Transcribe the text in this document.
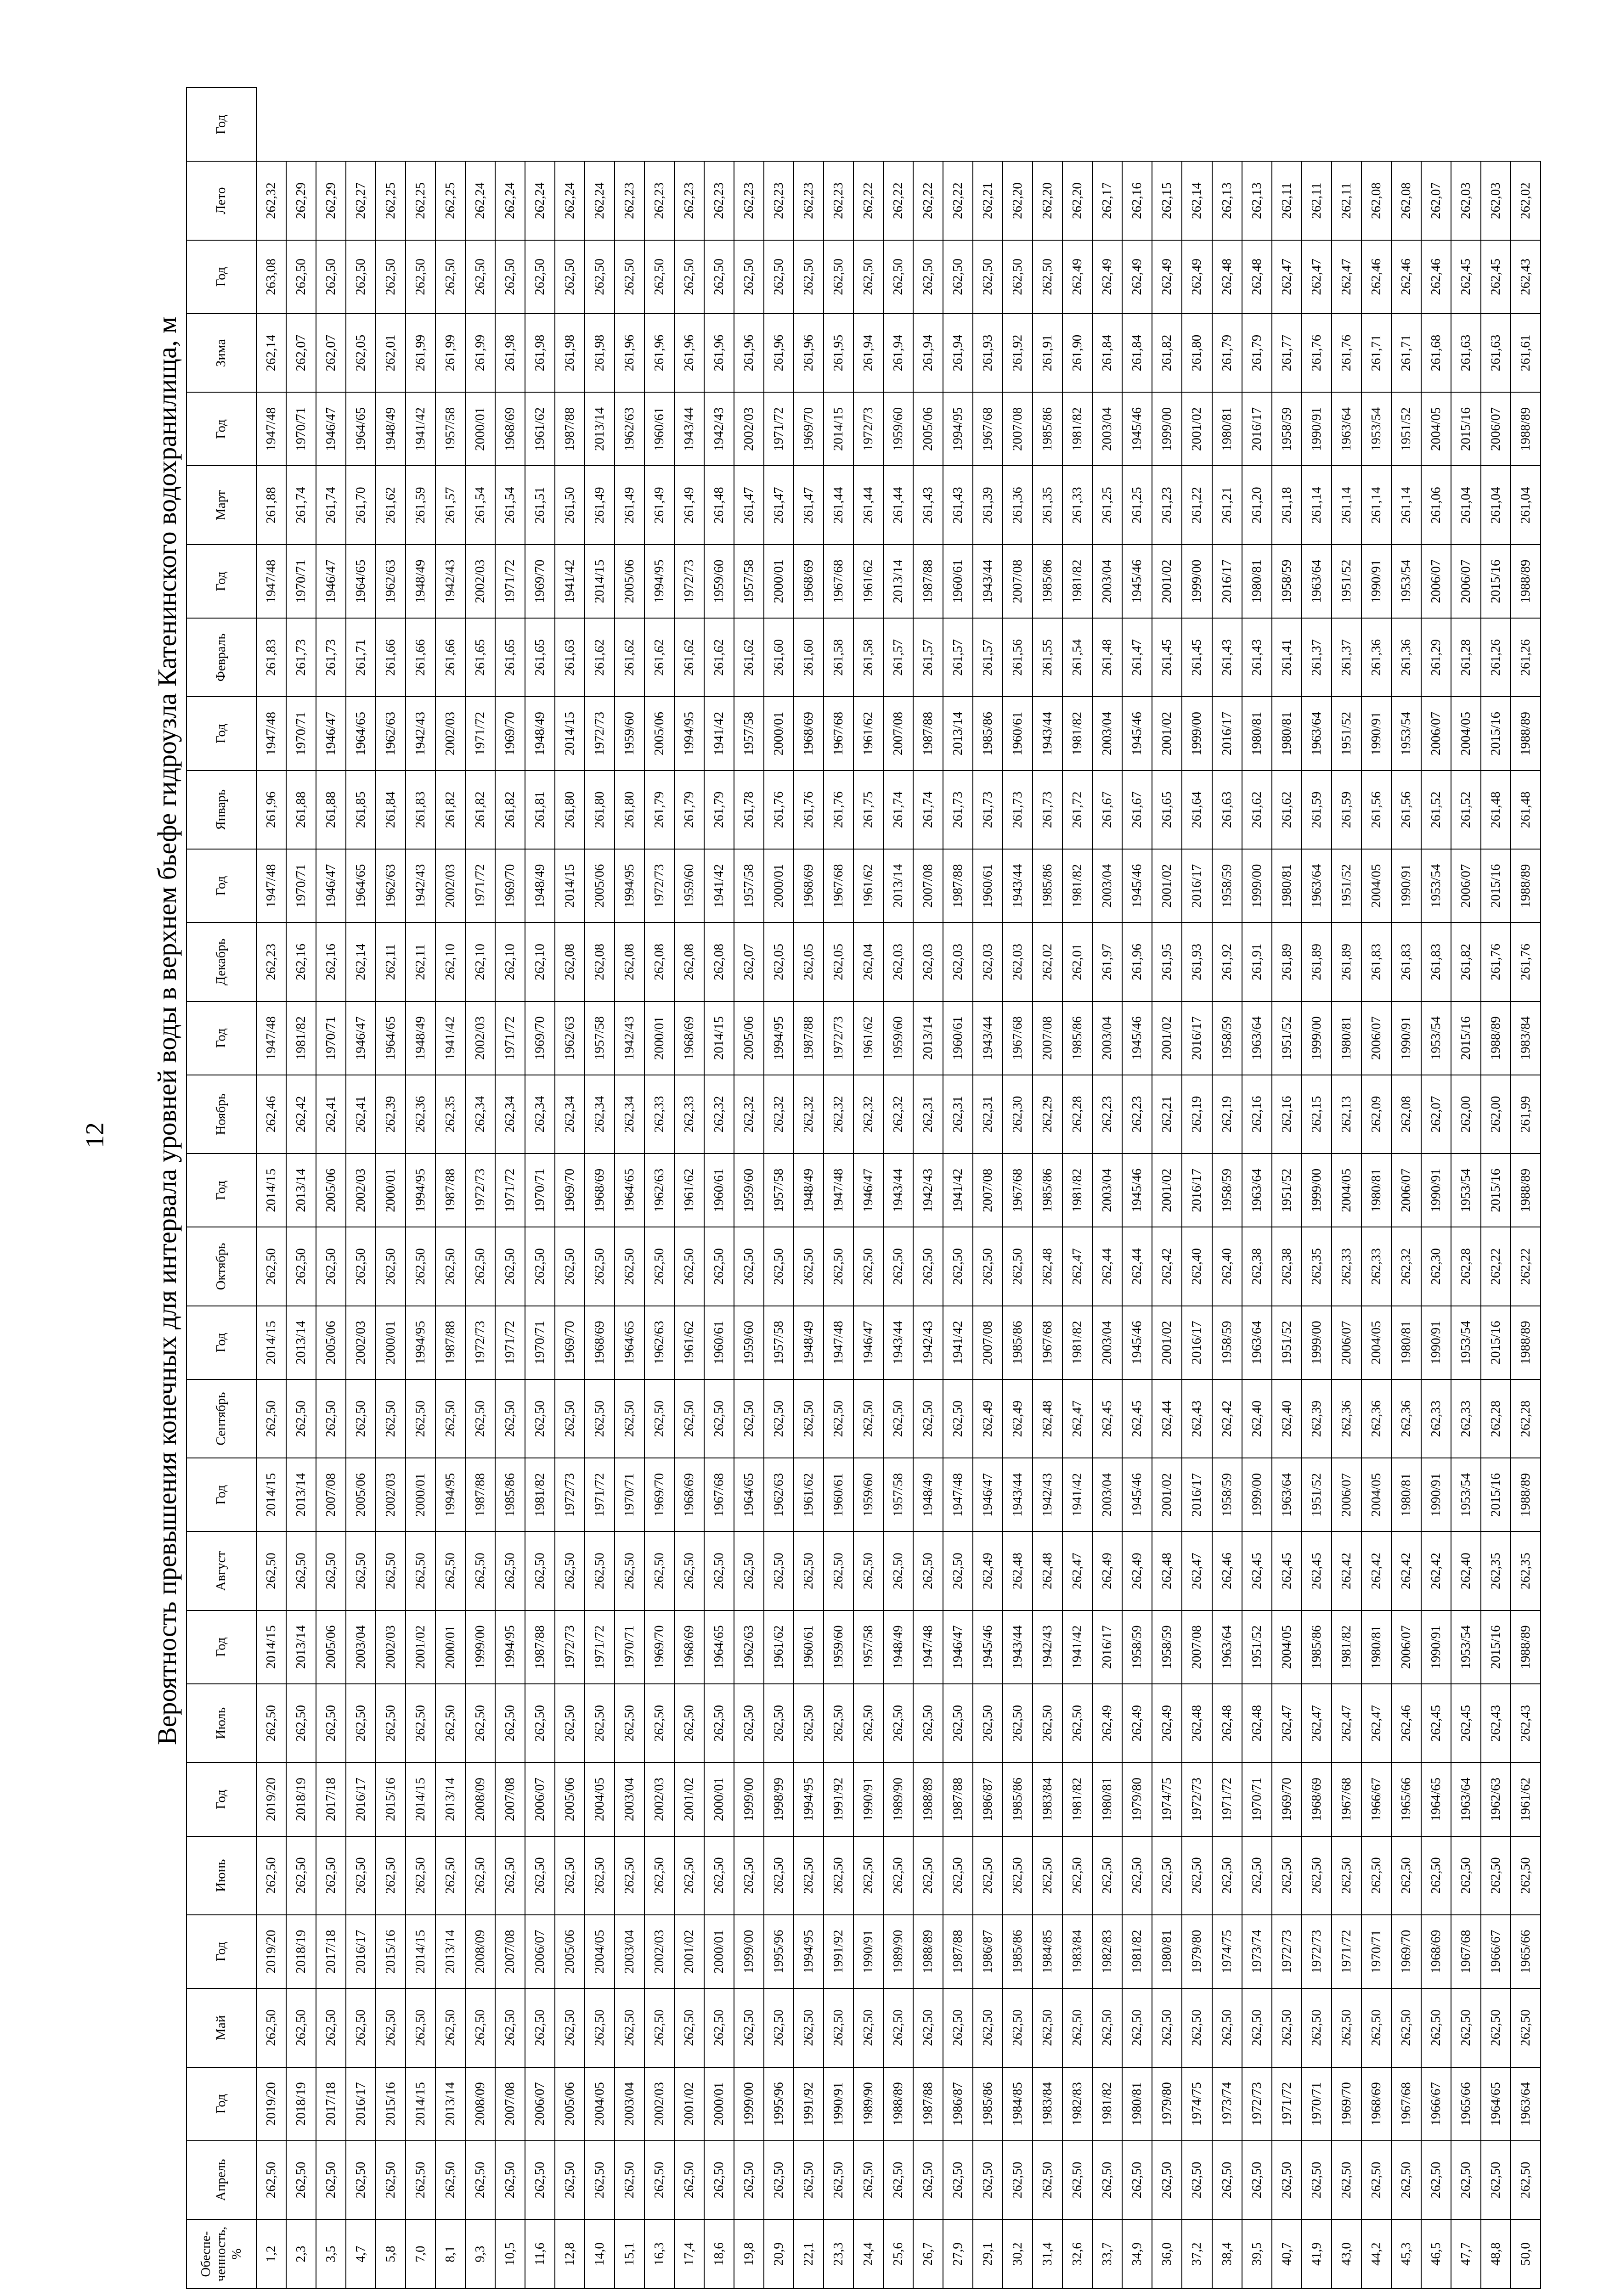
12 Вероятность превышения конечных для интервала уровней воды в верхнем бьефе гидроузла Катенинского водохранилища, м
Обеспе-ченность, %	Апрель	Год	Май	Год	Июнь	Год	Июль	Год	Август	Год	Сентябрь	Год	Октябрь	Год	Ноябрь	Год	Декабрь	Год	Январь	Год	Февраль	Год	Март	Год	Зима	Год	Лето	Год
1,2	262,50	2019/20	262,50	2019/20	262,50	2019/20	262,50	2014/15	262,50	2014/15	262,50	2014/15	262,50	2014/15	262,46	1947/48	262,23	1947/48	261,96	1947/48	261,83	1947/48	261,88	1947/48	262,14	263,08	262,32	
2,3	262,50	2018/19	262,50	2018/19	262,50	2018/19	262,50	2013/14	262,50	2013/14	262,50	2013/14	262,50	2013/14	262,42	1981/82	262,16	1970/71	261,88	1970/71	261,73	1970/71	261,74	1970/71	262,07	262,50	262,29	
3,5	262,50	2017/18	262,50	2017/18	262,50	2017/18	262,50	2005/06	262,50	2007/08	262,50	2005/06	262,50	2005/06	262,41	1970/71	262,16	1946/47	261,88	1946/47	261,73	1946/47	261,74	1946/47	262,07	262,50	262,29	
4,7	262,50	2016/17	262,50	2016/17	262,50	2016/17	262,50	2003/04	262,50	2005/06	262,50	2002/03	262,50	2002/03	262,41	1946/47	262,14	1964/65	261,85	1964/65	261,71	1964/65	261,70	1964/65	262,05	262,50	262,27	
5,8	262,50	2015/16	262,50	2015/16	262,50	2015/16	262,50	2002/03	262,50	2002/03	262,50	2000/01	262,50	2000/01	262,39	1964/65	262,11	1962/63	261,84	1962/63	261,66	1962/63	261,62	1948/49	262,01	262,50	262,25	
7,0	262,50	2014/15	262,50	2014/15	262,50	2014/15	262,50	2001/02	262,50	2000/01	262,50	1994/95	262,50	1994/95	262,36	1948/49	262,11	1942/43	261,83	1942/43	261,66	1948/49	261,59	1941/42	261,99	262,50	262,25	
8,1	262,50	2013/14	262,50	2013/14	262,50	2013/14	262,50	2000/01	262,50	1994/95	262,50	1987/88	262,50	1987/88	262,35	1941/42	262,10	2002/03	261,82	2002/03	261,66	1942/43	261,57	1957/58	261,99	262,50	262,25	
9,3	262,50	2008/09	262,50	2008/09	262,50	2008/09	262,50	1999/00	262,50	1987/88	262,50	1972/73	262,50	1972/73	262,34	2002/03	262,10	1971/72	261,82	1971/72	261,65	2002/03	261,54	2000/01	261,99	262,50	262,24	
10,5	262,50	2007/08	262,50	2007/08	262,50	2007/08	262,50	1994/95	262,50	1985/86	262,50	1971/72	262,50	1971/72	262,34	1971/72	262,10	1969/70	261,82	1969/70	261,65	1971/72	261,54	1968/69	261,98	262,50	262,24	
11,6	262,50	2006/07	262,50	2006/07	262,50	2006/07	262,50	1987/88	262,50	1981/82	262,50	1970/71	262,50	1970/71	262,34	1969/70	262,10	1948/49	261,81	1948/49	261,65	1969/70	261,51	1961/62	261,98	262,50	262,24	
12,8	262,50	2005/06	262,50	2005/06	262,50	2005/06	262,50	1972/73	262,50	1972/73	262,50	1969/70	262,50	1969/70	262,34	1962/63	262,08	2014/15	261,80	2014/15	261,63	1941/42	261,50	1987/88	261,98	262,50	262,24	
14,0	262,50	2004/05	262,50	2004/05	262,50	2004/05	262,50	1971/72	262,50	1971/72	262,50	1968/69	262,50	1968/69	262,34	1957/58	262,08	2005/06	261,80	1972/73	261,62	2014/15	261,49	2013/14	261,98	262,50	262,24	
15,1	262,50	2003/04	262,50	2003/04	262,50	2003/04	262,50	1970/71	262,50	1970/71	262,50	1964/65	262,50	1964/65	262,34	1942/43	262,08	1994/95	261,80	1959/60	261,62	2005/06	261,49	1962/63	261,96	262,50	262,23	
16,3	262,50	2002/03	262,50	2002/03	262,50	2002/03	262,50	1969/70	262,50	1969/70	262,50	1962/63	262,50	1962/63	262,33	2000/01	262,08	1972/73	261,79	2005/06	261,62	1994/95	261,49	1960/61	261,96	262,50	262,23	
17,4	262,50	2001/02	262,50	2001/02	262,50	2001/02	262,50	1968/69	262,50	1968/69	262,50	1961/62	262,50	1961/62	262,33	1968/69	262,08	1959/60	261,79	1994/95	261,62	1972/73	261,49	1943/44	261,96	262,50	262,23	
18,6	262,50	2000/01	262,50	2000/01	262,50	2000/01	262,50	1964/65	262,50	1967/68	262,50	1960/61	262,50	1960/61	262,32	2014/15	262,08	1941/42	261,79	1941/42	261,62	1959/60	261,48	1942/43	261,96	262,50	262,23	
19,8	262,50	1999/00	262,50	1999/00	262,50	1999/00	262,50	1962/63	262,50	1964/65	262,50	1959/60	262,50	1959/60	262,32	2005/06	262,07	1957/58	261,78	1957/58	261,62	1957/58	261,47	2002/03	261,96	262,50	262,23	
20,9	262,50	1995/96	262,50	1995/96	262,50	1998/99	262,50	1961/62	262,50	1962/63	262,50	1957/58	262,50	1957/58	262,32	1994/95	262,05	2000/01	261,76	2000/01	261,60	2000/01	261,47	1971/72	261,96	262,50	262,23	
22,1	262,50	1991/92	262,50	1994/95	262,50	1994/95	262,50	1960/61	262,50	1961/62	262,50	1948/49	262,50	1948/49	262,32	1987/88	262,05	1968/69	261,76	1968/69	261,60	1968/69	261,47	1969/70	261,96	262,50	262,23	
23,3	262,50	1990/91	262,50	1991/92	262,50	1991/92	262,50	1959/60	262,50	1960/61	262,50	1947/48	262,50	1947/48	262,32	1972/73	262,05	1967/68	261,76	1967/68	261,58	1967/68	261,44	2014/15	261,95	262,50	262,23	
24,4	262,50	1989/90	262,50	1990/91	262,50	1990/91	262,50	1957/58	262,50	1959/60	262,50	1946/47	262,50	1946/47	262,32	1961/62	262,04	1961/62	261,75	1961/62	261,58	1961/62	261,44	1972/73	261,94	262,50	262,22	
25,6	262,50	1988/89	262,50	1989/90	262,50	1989/90	262,50	1948/49	262,50	1957/58	262,50	1943/44	262,50	1943/44	262,32	1959/60	262,03	2013/14	261,74	2007/08	261,57	2013/14	261,44	1959/60	261,94	262,50	262,22	
26,7	262,50	1987/88	262,50	1988/89	262,50	1988/89	262,50	1947/48	262,50	1948/49	262,50	1942/43	262,50	1942/43	262,31	2013/14	262,03	2007/08	261,74	1987/88	261,57	1987/88	261,43	2005/06	261,94	262,50	262,22	
27,9	262,50	1986/87	262,50	1987/88	262,50	1987/88	262,50	1946/47	262,50	1947/48	262,50	1941/42	262,50	1941/42	262,31	1960/61	262,03	1987/88	261,73	2013/14	261,57	1960/61	261,43	1994/95	261,94	262,50	262,22	
29,1	262,50	1985/86	262,50	1986/87	262,50	1986/87	262,50	1945/46	262,49	1946/47	262,49	2007/08	262,50	2007/08	262,31	1943/44	262,03	1960/61	261,73	1985/86	261,57	1943/44	261,39	1967/68	261,93	262,50	262,21	
30,2	262,50	1984/85	262,50	1985/86	262,50	1985/86	262,50	1943/44	262,48	1943/44	262,49	1985/86	262,50	1967/68	262,30	1967/68	262,03	1943/44	261,73	1960/61	261,56	2007/08	261,36	2007/08	261,92	262,50	262,20	
31,4	262,50	1983/84	262,50	1984/85	262,50	1983/84	262,50	1942/43	262,48	1942/43	262,48	1967/68	262,48	1985/86	262,29	2007/08	262,02	1985/86	261,73	1943/44	261,55	1985/86	261,35	1985/86	261,91	262,50	262,20	
32,6	262,50	1982/83	262,50	1983/84	262,50	1981/82	262,50	1941/42	262,47	1941/42	262,47	1981/82	262,47	1981/82	262,28	1985/86	262,01	1981/82	261,72	1981/82	261,54	1981/82	261,33	1981/82	261,90	262,49	262,20	
33,7	262,50	1981/82	262,50	1982/83	262,50	1980/81	262,49	2016/17	262,49	2003/04	262,45	2003/04	262,44	2003/04	262,23	2003/04	261,97	2003/04	261,67	2003/04	261,48	2003/04	261,25	2003/04	261,84	262,49	262,17	
34,9	262,50	1980/81	262,50	1981/82	262,50	1979/80	262,49	1958/59	262,49	1945/46	262,45	1945/46	262,44	1945/46	262,23	1945/46	261,96	1945/46	261,67	1945/46	261,47	1945/46	261,25	1945/46	261,84	262,49	262,16	
36,0	262,50	1979/80	262,50	1980/81	262,50	1974/75	262,49	1958/59	262,48	2001/02	262,44	2001/02	262,42	2001/02	262,21	2001/02	261,95	2001/02	261,65	2001/02	261,45	2001/02	261,23	1999/00	261,82	262,49	262,15	
37,2	262,50	1974/75	262,50	1979/80	262,50	1972/73	262,48	2007/08	262,47	2016/17	262,43	2016/17	262,40	2016/17	262,19	2016/17	261,93	2016/17	261,64	1999/00	261,45	1999/00	261,22	2001/02	261,80	262,49	262,14	
38,4	262,50	1973/74	262,50	1974/75	262,50	1971/72	262,48	1963/64	262,46	1958/59	262,42	1958/59	262,40	1958/59	262,19	1958/59	261,92	1958/59	261,63	2016/17	261,43	2016/17	261,21	1980/81	261,79	262,48	262,13	
39,5	262,50	1972/73	262,50	1973/74	262,50	1970/71	262,48	1951/52	262,45	1999/00	262,40	1963/64	262,38	1963/64	262,16	1963/64	261,91	1999/00	261,62	1980/81	261,43	1980/81	261,20	2016/17	261,79	262,48	262,13	
40,7	262,50	1971/72	262,50	1972/73	262,50	1969/70	262,47	2004/05	262,45	1963/64	262,40	1951/52	262,38	1951/52	262,16	1951/52	261,89	1980/81	261,62	1980/81	261,41	1958/59	261,18	1958/59	261,77	262,47	262,11	
41,9	262,50	1970/71	262,50	1972/73	262,50	1968/69	262,47	1985/86	262,45	1951/52	262,39	1999/00	262,35	1999/00	262,15	1999/00	261,89	1963/64	261,59	1963/64	261,37	1963/64	261,14	1990/91	261,76	262,47	262,11	
43,0	262,50	1969/70	262,50	1971/72	262,50	1967/68	262,47	1981/82	262,42	2006/07	262,36	2006/07	262,33	2004/05	262,13	1980/81	261,89	1951/52	261,59	1951/52	261,37	1951/52	261,14	1963/64	261,76	262,47	262,11	
44,2	262,50	1968/69	262,50	1970/71	262,50	1966/67	262,47	1980/81	262,42	2004/05	262,36	2004/05	262,33	1980/81	262,09	2006/07	261,83	2004/05	261,56	1990/91	261,36	1990/91	261,14	1953/54	261,71	262,46	262,08	
45,3	262,50	1967/68	262,50	1969/70	262,50	1965/66	262,46	2006/07	262,42	1980/81	262,36	1980/81	262,32	2006/07	262,08	1990/91	261,83	1990/91	261,56	1953/54	261,36	1953/54	261,14	1951/52	261,71	262,46	262,08	
46,5	262,50	1966/67	262,50	1968/69	262,50	1964/65	262,45	1990/91	262,42	1990/91	262,33	1990/91	262,30	1990/91	262,07	1953/54	261,83	1953/54	261,52	2006/07	261,29	2006/07	261,06	2004/05	261,68	262,46	262,07	
47,7	262,50	1965/66	262,50	1967/68	262,50	1963/64	262,45	1953/54	262,40	1953/54	262,33	1953/54	262,28	1953/54	262,00	2015/16	261,82	2006/07	261,52	2004/05	261,28	2006/07	261,04	2015/16	261,63	262,45	262,03	
48,8	262,50	1964/65	262,50	1966/67	262,50	1962/63	262,43	2015/16	262,35	2015/16	262,28	2015/16	262,22	2015/16	262,00	1988/89	261,76	2015/16	261,48	2015/16	261,26	2015/16	261,04	2006/07	261,63	262,45	262,03	
50,0	262,50	1963/64	262,50	1965/66	262,50	1961/62	262,43	1988/89	262,35	1988/89	262,28	1988/89	262,22	1988/89	261,99	1983/84	261,76	1988/89	261,48	1988/89	261,26	1988/89	261,04	1988/89	261,61	262,43	262,02	
